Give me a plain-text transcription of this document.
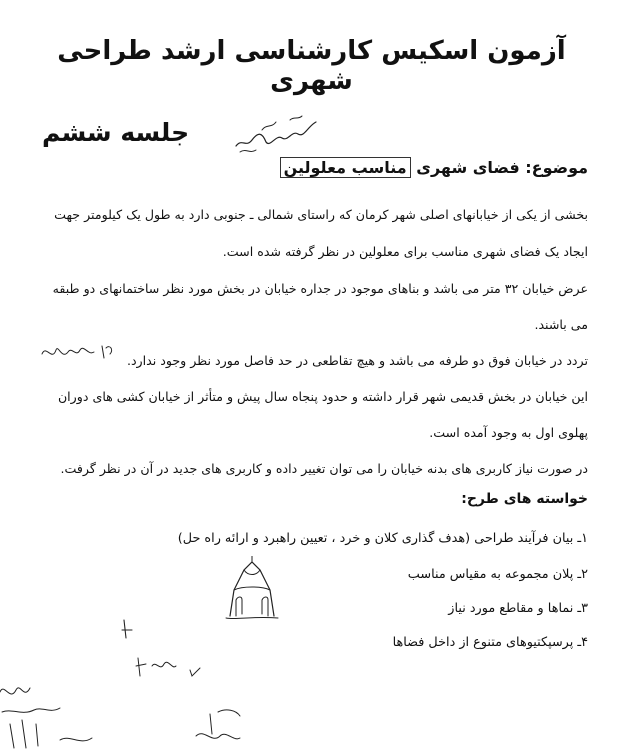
آزمون اسکیس کارشناسی ارشد طراحی شهری
جلسه ششم
موضوع: فضای شهری مناسب معلولین
بخشی از یکی از خیابانهای اصلی شهر کرمان که راستای شمالی ـ جنوبی دارد به طول یک کیلومتر جهت
ایجاد یک فضای شهری مناسب برای معلولین در نظر گرفته شده است.
عرض خیابان ۳۲ متر می باشد و بناهای موجود در جداره خیابان در بخش مورد نظر ساختمانهای دو طبقه
می باشند.
تردد در خیابان فوق دو طرفه می باشد و هیچ تقاطعی در حد فاصل مورد نظر وجود ندارد.
این خیابان در بخش قدیمی شهر قرار داشته و حدود پنجاه سال پیش و متأثر از خیابان کشی های دوران
پهلوی اول به وجود آمده است.
در صورت نیاز کاربری های بدنه خیابان را می توان تغییر داده و کاربری های جدید در آن در نظر گرفت.
خواسته های طرح:
۱ـ بیان فرآیند طراحی (هدف گذاری کلان و خرد ، تعیین راهبرد و ارائه راه حل)
۲ـ پلان مجموعه به مقیاس مناسب
۳ـ نماها و مقاطع مورد نیاز
۴ـ پرسپکتیوهای متنوع از داخل فضاها
